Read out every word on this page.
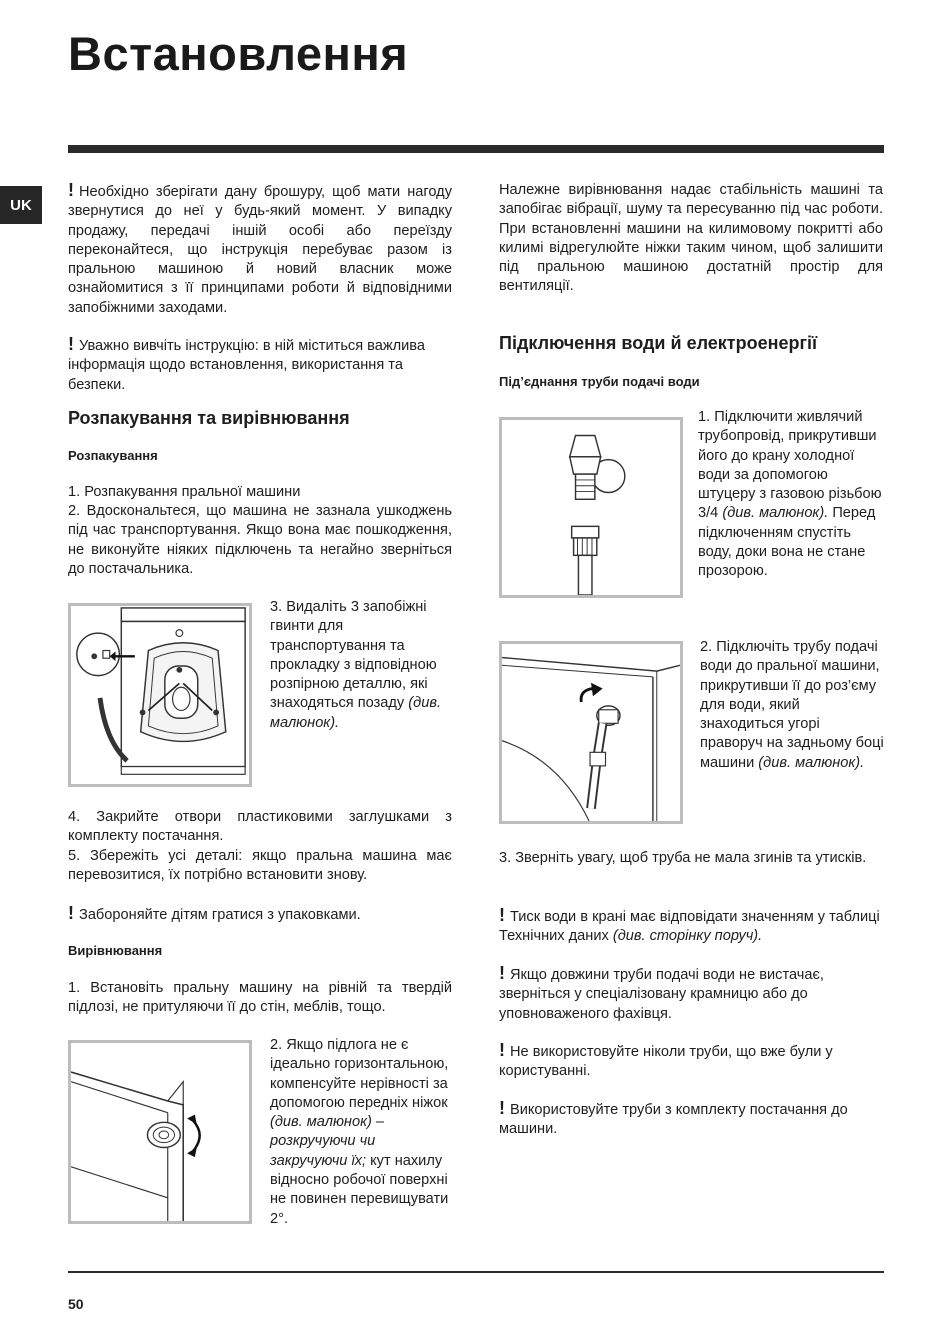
Встановлення
UK

! Необхідно зберігати дану брошуру, щоб мати нагоду звернутися до неї у будь-який момент. У випадку продажу, передачі іншій особі або переїзду переконайтеся, що інструкція перебуває разом із пральною машиною й новий власник може ознайомитися з її принципами роботи й відповідними запобіжними заходами.

! Уважно вивчіть інструкцію: в ній міститься важлива інформація щодо встановлення, використання та безпеки.

Розпакування та вирівнювання
Розпакування

1. Розпакування пральної машини

2. Вдоскональтеся, що машина не зазнала ушкоджень під час транспортування. Якщо вона має пошкодження, не виконуйте ніяких підключень та негайно зверніться до постачальника.

3. Видаліть 3 запобіжні гвинти для транспортування та прокладку з відповідною розпірною деталлю, які знаходяться позаду (див. малюнок).

4. Закрийте отвори пластиковими заглушками з комплекту постачання.

5. Збережіть усі деталі: якщо пральна машина має перевозитися, їх потрібно встановити знову.

! Забороняйте дітям гратися з упаковками.

Вирівнювання

1. Встановіть пральну машину на рівній та твердій підлозі, не притуляючи її до стін, меблів, тощо.

2. Якщо підлога не є ідеально горизонтальною, компенсуйте нерівності за допомогою передніх ніжок (див. малюнок) – розкручуючи чи закручуючи їх; кут нахилу відносно робочої поверхні не повинен перевищувати 2°.

Належне вирівнювання надає стабільність машині та запобігає вібрації, шуму та пересуванню під час роботи. При встановленні машини на килимовому покритті або килимі відрегулюйте ніжки таким чином, щоб залишити під пральною машиною достатній простір для вентиляції.

Підключення води й електроенергії
Під’єднання труби подачі води

1. Підключити живлячий трубопровід, прикрутивши його до крану холодної води за допомогою штуцеру з газовою різьбою 3/4 (див. малюнок). Перед підключенням спустіть воду, доки вона не стане прозорою.

2. Підключіть трубу подачі води до пральної машини, прикрутивши її до роз’єму для води, який знаходиться угорі праворуч на задньому боці машини (див. малюнок).

3. Зверніть увагу, щоб труба не мала згинів та утисків.

! Тиск води в крані має відповідати значенням у таблиці Технічних даних (див. сторінку поруч).

! Якщо довжини труби подачі води не вистачає, зверніться у спеціалізовану крамницю або до уповноваженого фахівця.

! Не використовуйте ніколи труби, що вже були у користуванні.

! Використовуйте труби з комплекту постачання до машини.

50
